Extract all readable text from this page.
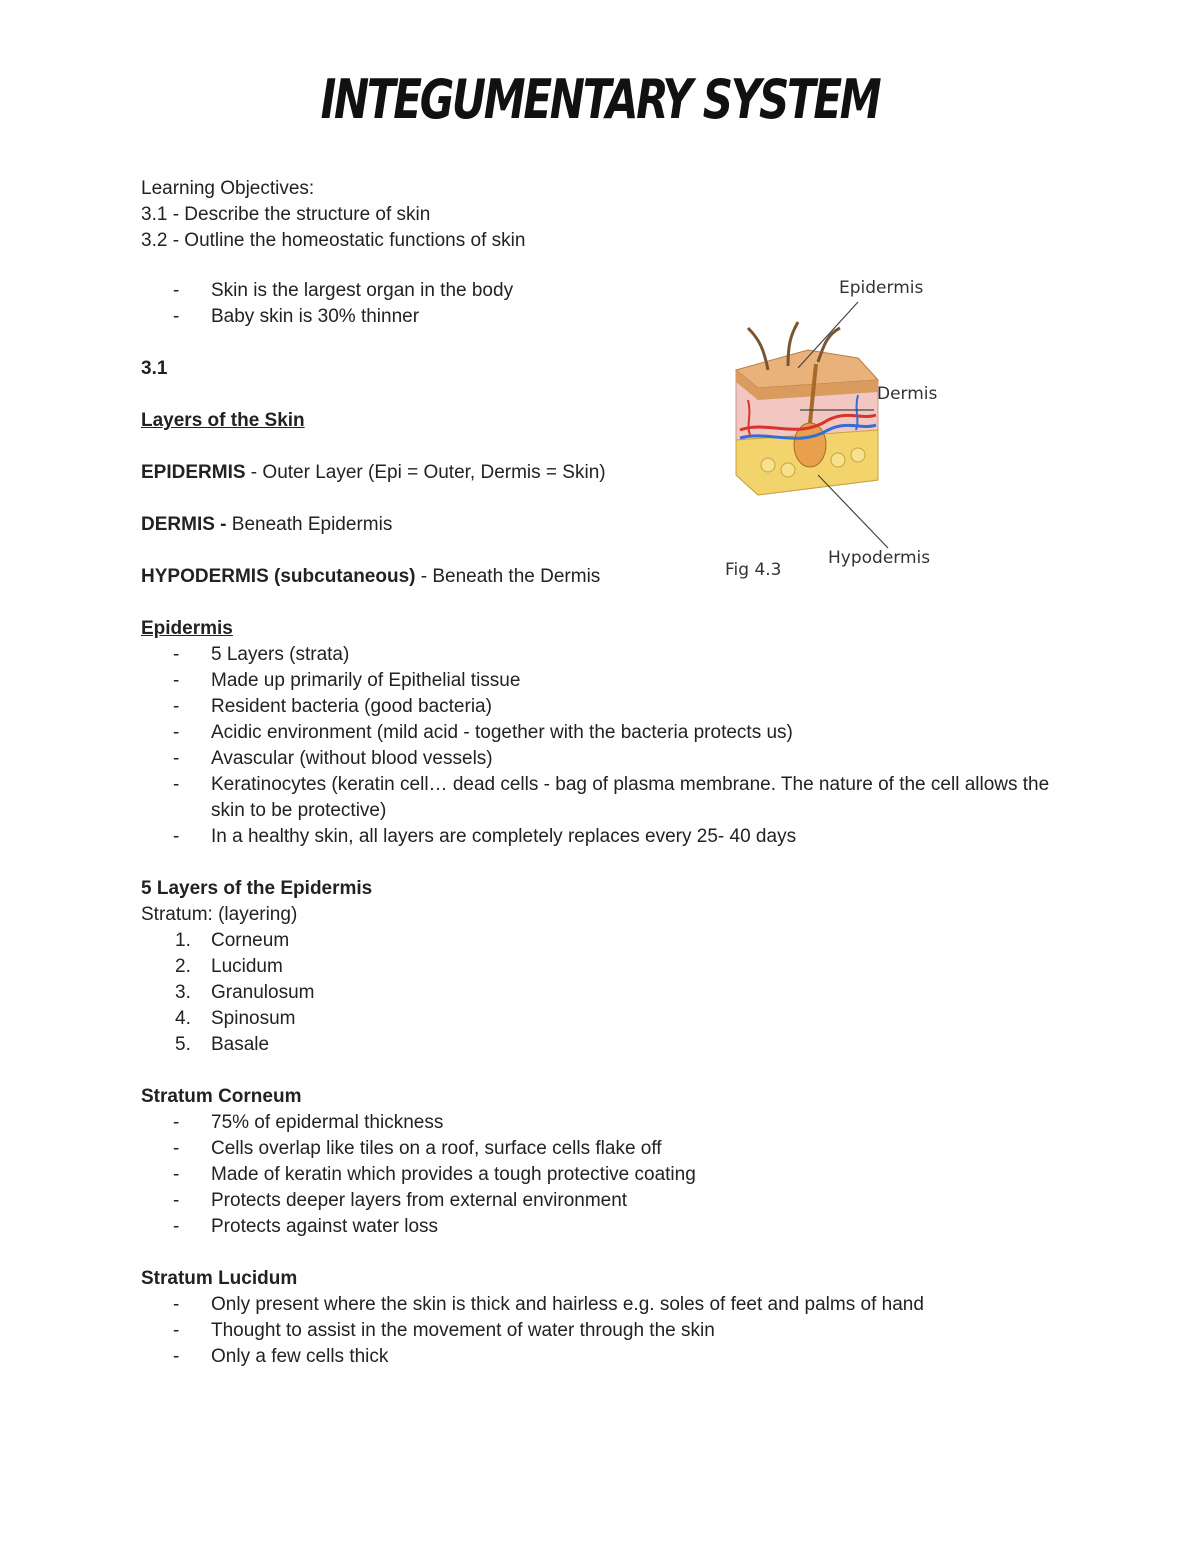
INTEGUMENTARY SYSTEM

Learning Objectives:

3.1 - Describe the structure of skin

3.2 - Outline the homeostatic functions of skin

- Skin is the largest organ in the body
- Baby skin is 30% thinner

3.1

Layers of the Skin

EPIDERMIS - Outer Layer (Epi = Outer, Dermis = Skin)

DERMIS - Beneath Epidermis

HYPODERMIS (subcutaneous) - Beneath the Dermis

Epidermis

- 5 Layers (strata)
- Made up primarily of Epithelial tissue
- Resident bacteria (good bacteria)
- Acidic environment (mild acid - together with the bacteria protects us)
- Avascular (without blood vessels)
- Keratinocytes (keratin cell… dead cells - bag of plasma membrane. The nature of the cell allows the skin to be protective)
- In a healthy skin, all layers are completely replaces every 25- 40 days

5 Layers of the Epidermis

Stratum: (layering)

1. Corneum
2. Lucidum
3. Granulosum
4. Spinosum
5. Basale

Stratum Corneum

- 75% of epidermal thickness
- Cells overlap like tiles on a roof, surface cells flake off
- Made of keratin which provides a tough protective coating
- Protects deeper layers from external environment
- Protects against water loss

Stratum Lucidum

- Only present where the skin is thick and hairless e.g. soles of feet and palms of hand
- Thought to assist in the movement of water through the skin
- Only a few cells thick
Epidermis
Dermis
Hypodermis
Fig 4.3
